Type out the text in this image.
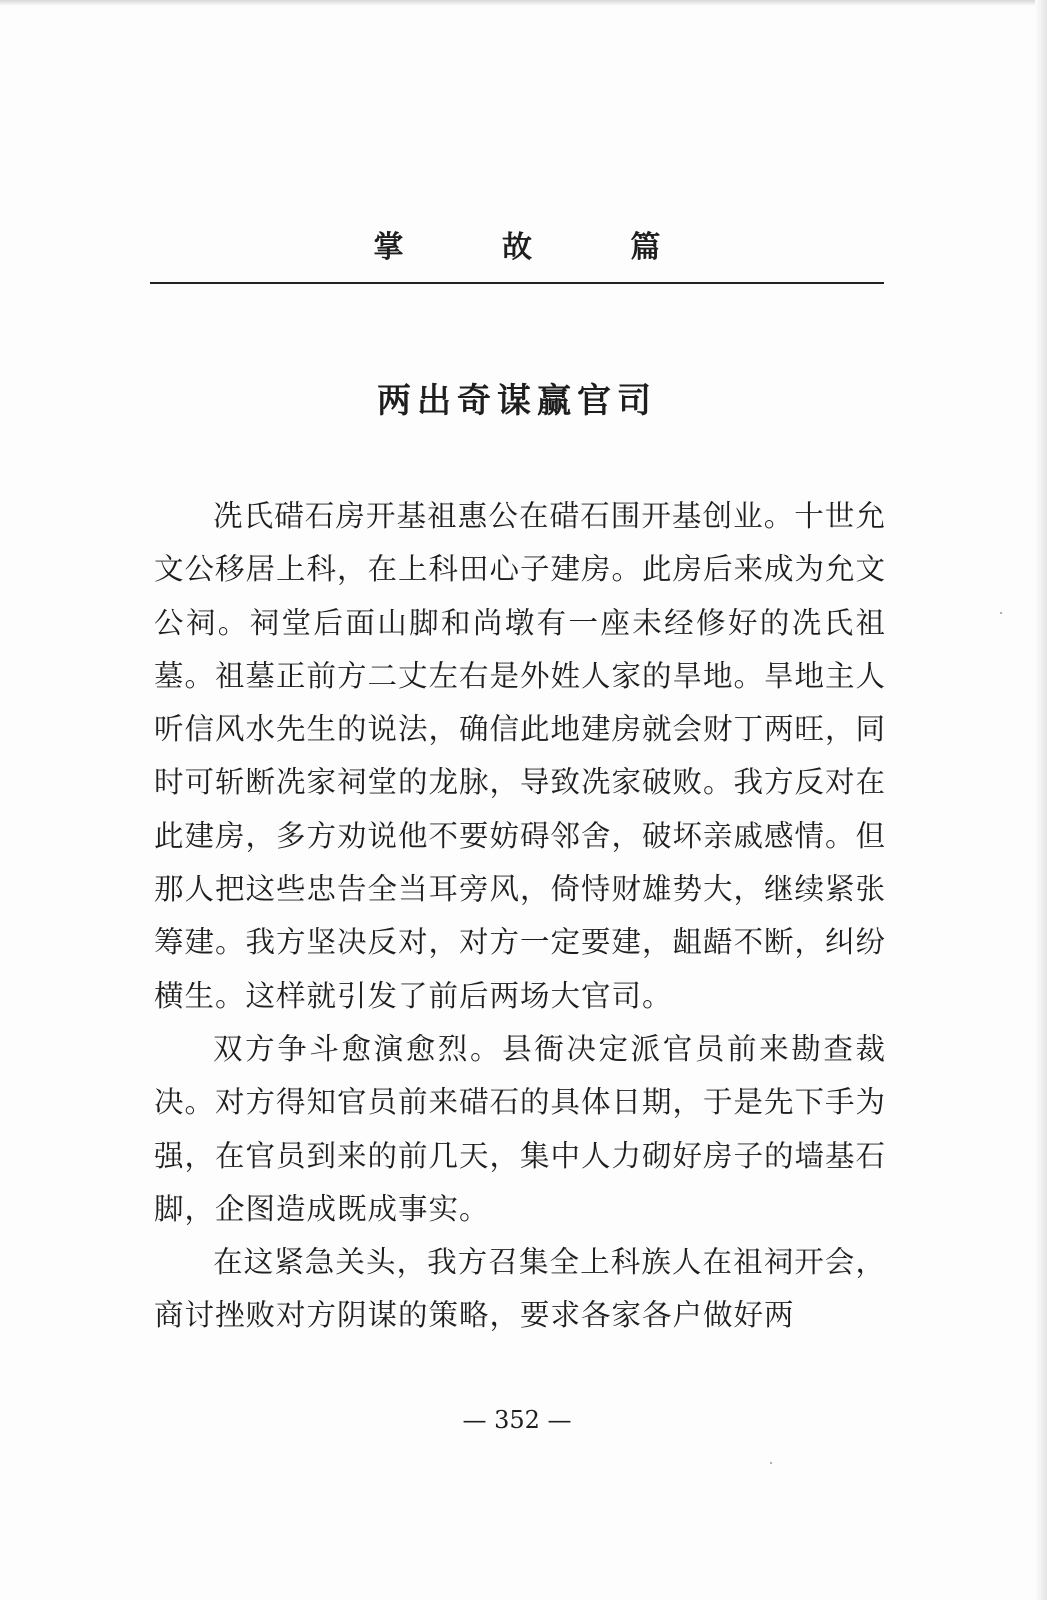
掌 故 篇
两出奇谋赢官司

冼氏碏石房开基祖惠公在碏石围开基创业。十世允文公移居上科，在上科田心子建房。此房后来成为允文公祠。祠堂后面山脚和尚墩有一座未经修好的冼氏祖墓。祖墓正前方二丈左右是外姓人家的旱地。旱地主人听信风水先生的说法，确信此地建房就会财丁两旺，同时可斩断冼家祠堂的龙脉，导致冼家破败。我方反对在此建房，多方劝说他不要妨碍邻舍，破坏亲戚感情。但那人把这些忠告全当耳旁风，倚恃财雄势大，继续紧张筹建。我方坚决反对，对方一定要建，龃龉不断，纠纷横生。这样就引发了前后两场大官司。

双方争斗愈演愈烈。县衙决定派官员前来勘查裁决。对方得知官员前来碏石的具体日期，于是先下手为强，在官员到来的前几天，集中人力砌好房子的墙基石脚，企图造成既成事实。

在这紧急关头，我方召集全上科族人在祖祠开会，商讨挫败对方阴谋的策略，要求各家各户做好两

— 352 —
